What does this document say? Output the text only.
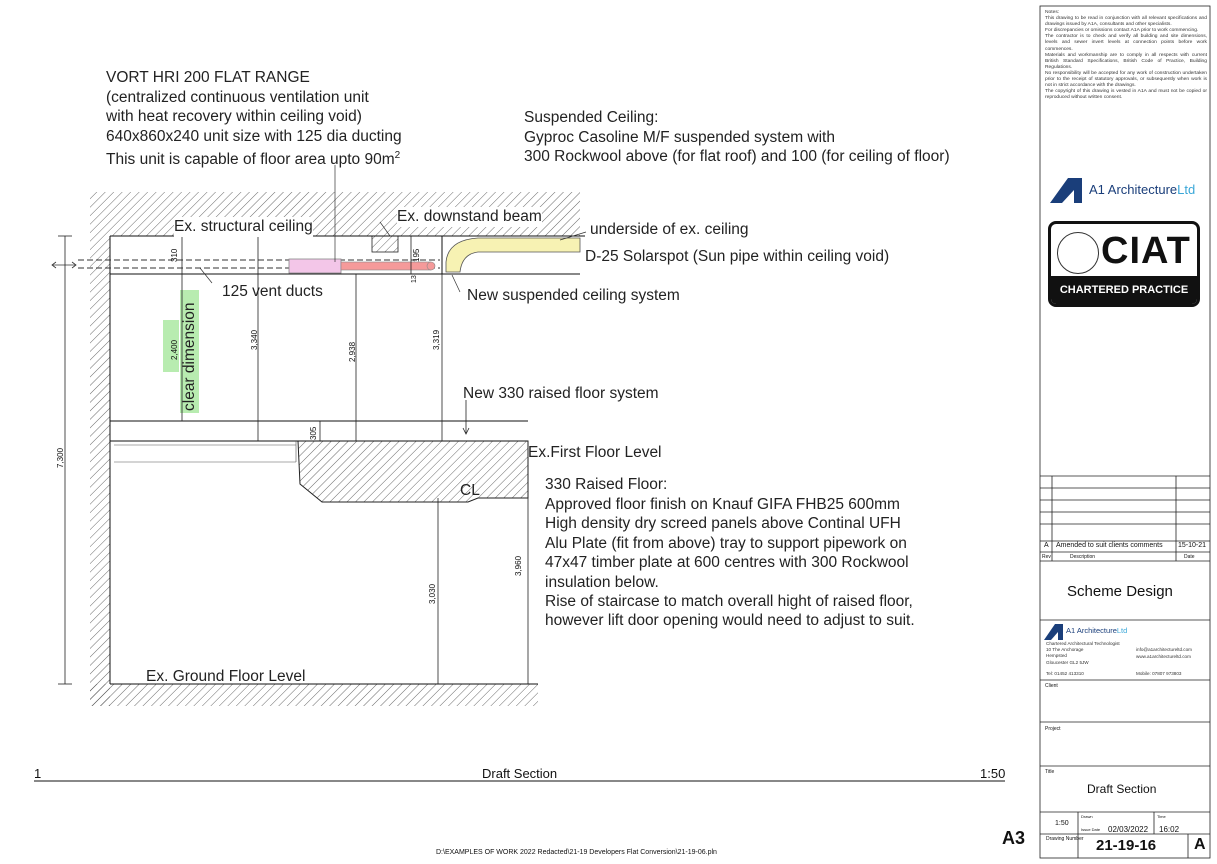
Notes:
This drawing to be read in conjunction with all relevant specifications and drawings issued by A1A, consultants and other specialists.
For discrepancies or omissions contact A1A prior to work commencing.
The contractor is to check and verify all building and site dimensions, levels and sewer invert levels at connection points before work commences.
Materials and workmanship are to comply in all respects with current British Standard Specifications, British Code of Practice, Building Regulations.
No responsibility will be accepted for any work of construction undertaken prior to the receipt of statutory approvals, or subsequently when work is not in strict accordance with the drawings.
The copyright of this drawing is vested in A1A and must not be copied or reproduced without written consent.
VORT HRI 200 FLAT RANGE
(centralized continuous ventilation unit
with heat recovery within ceiling void)
640x860x240 unit size with 125 dia ducting
This unit is capable of floor area upto $90m^2$
Suspended Ceiling:
Gyproc Casoline M/F suspended system with
300 Rockwool above (for flat roof) and 100 (for ceiling of floor)
Ex. structural ceiling
Ex. downstand beam
underside of ex. ceiling
D-25 Solarspot (Sun pipe within ceiling void)
125 vent ducts	New suspended ceiling system
New 330 raised floor system
Ex.First Floor Level
CL
Ex. Ground Floor Level
clear dimension
330 Raised Floor:
Approved floor finish on Knauf GIFA FHB25 600mm
High density dry screed panels above Continal UFH
Alu Plate (fit from above) tray to support pipework on
47x47 timber plate at 600 centres with 300 Rockwool
insulation below.
Rise of staircase to match overall hight of raised floor,
however lift door opening would need to adjust to suit.
310	195
13
2,400	3,340
2,938
3,319
305
7,300
3,030
3,960
1	Draft Section	1:50
D:\EXAMPLES OF WORK 2022 Redacted\21-19 Developers Flat Conversion\21-19-06.pln
A3
A1 ArchitectureLtd
CIAT
CHARTERED PRACTICE
A Amended to suit clients comments 15-10-21
Rev	Description	Date
Scheme Design
A1 ArchitectureLtd
Chartered Architectural Technologist
10 The Anchorage
Hempsted
Gloucester GL2 5JW
Tel: 01452 413310
info@a1architectureltd.com
www.a1architectureltd.com
Mobile: 07807 973803
Client
Project
Title
Draft Section
1:50
Drawn	Time
Issue Date 02/03/2022 16:02
Drawing Number 21-19-16 A
